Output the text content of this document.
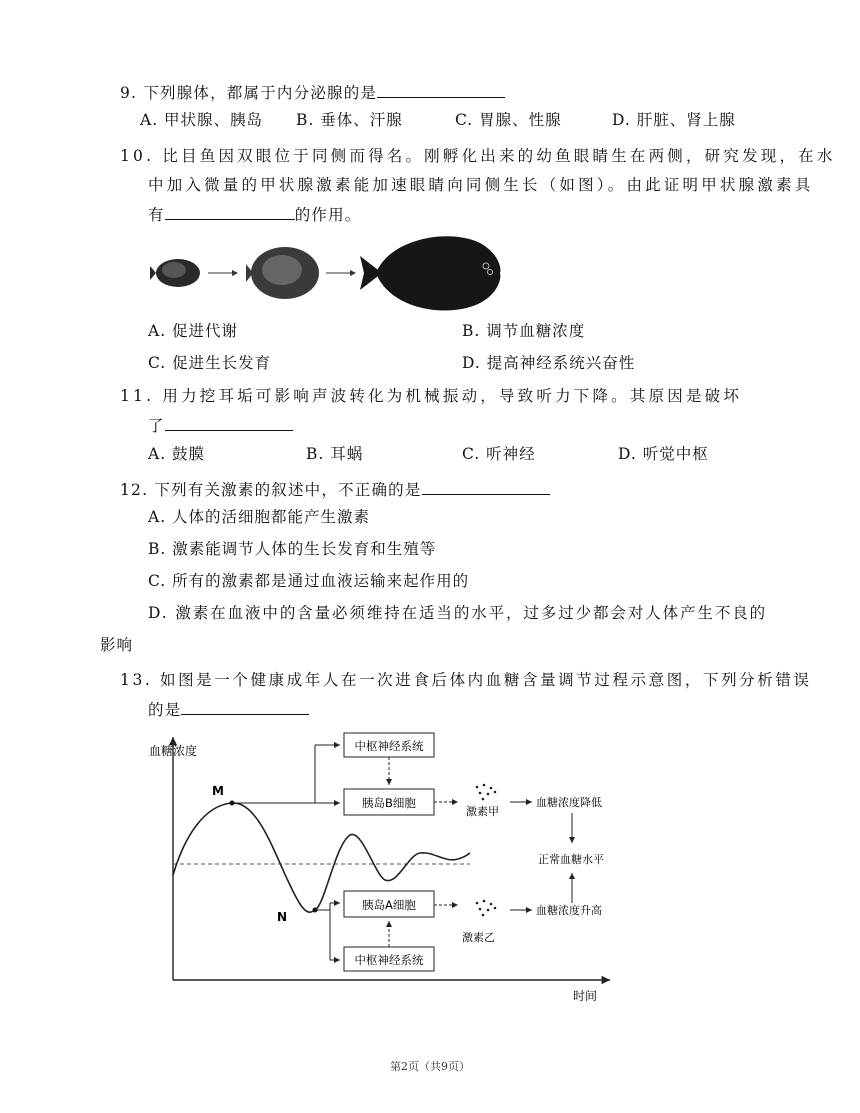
9. 下列腺体，都属于内分泌腺的是
A. 甲状腺、胰岛 B. 垂体、汗腺	C. 胃腺、性腺	D. 肝脏、肾上腺
10. 比目鱼因双眼位于同侧而得名。刚孵化出来的幼鱼眼睛生在两侧，研究发现，在水
中加入微量的甲状腺激素能加速眼睛向同侧生长（如图）。由此证明甲状腺激素具
有	的作用。
A. 促进代谢	B. 调节血糖浓度
C. 促进生长发育	D. 提高神经系统兴奋性
11. 用力挖耳垢可影响声波转化为机械振动，导致听力下降。其原因是破坏
了
A. 鼓膜	B. 耳蜗	C. 听神经	D. 听觉中枢
12. 下列有关激素的叙述中，不正确的是
A. 人体的活细胞都能产生激素
B. 激素能调节人体的生长发育和生殖等
C. 所有的激素都是通过血液运输来起作用的
D. 激素在血液中的含量必须维持在适当的水平，过多过少都会对人体产生不良的
影响
13. 如图是一个健康成年人在一次进食后体内血糖含量调节过程示意图，下列分析错误
的是
血糖浓度
时间
M
N
中枢神经系统
胰岛B细胞
激素甲
血糖浓度降低
正常血糖水平
胰岛A细胞
中枢神经系统
激素乙
血糖浓度升高
第2页（共9页）
